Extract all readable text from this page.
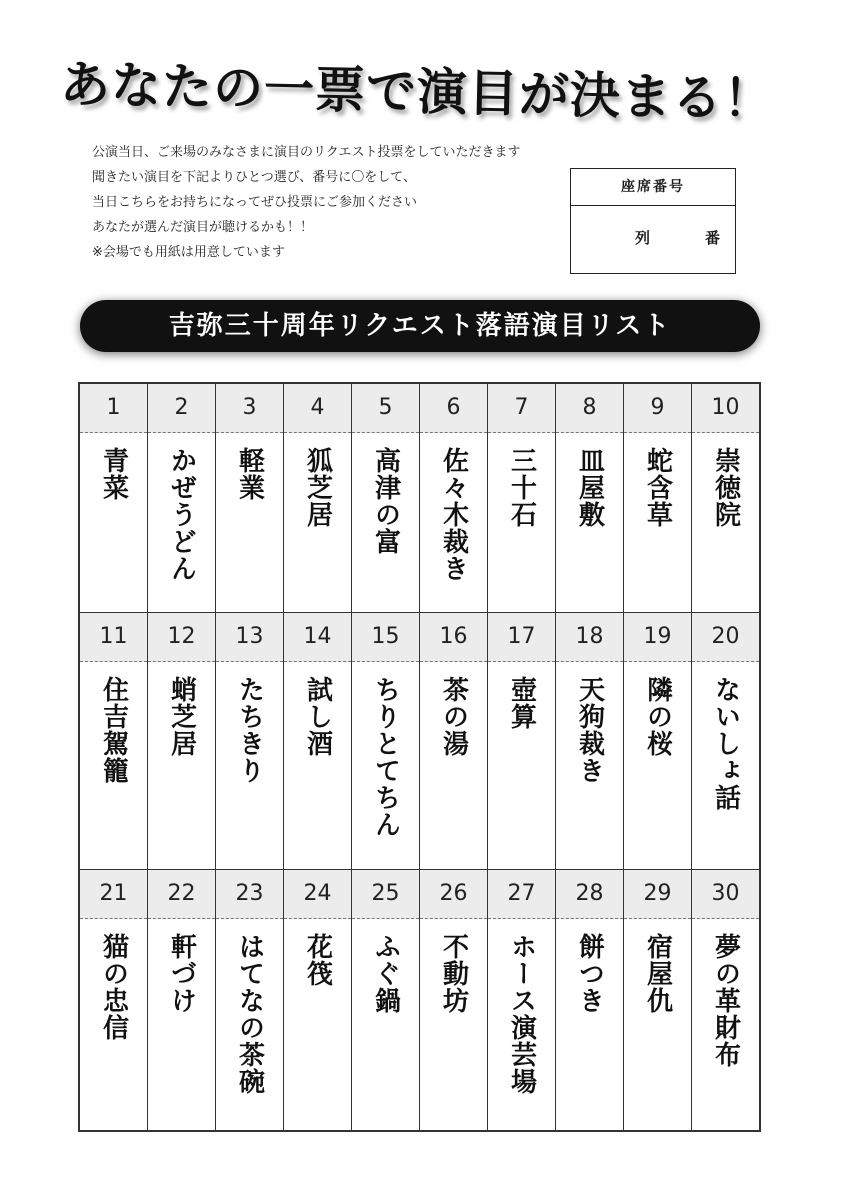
あなたの一票で演目が決まる！
公演当日、ご来場のみなさまに演目のリクエスト投票をしていただきます
聞きたい演目を下記よりひとつ選び、番号に〇をして、
当日こちらをお持ちになってぜひ投票にご参加ください
あなたが選んだ演目が聴けるかも！！
※会場でも用紙は用意しています
座席番号
列	番
吉弥三十周年リクエスト落語演目リスト
1
青菜
2
かぜうどん
3
軽業
4
狐芝居
5
高津の富
6
佐々木裁き
7
三十石
8
皿屋敷
9
蛇含草
10
崇徳院
11
住吉駕籠
12
蛸芝居
13
たちきり
14
試し酒
15
ちりとてちん
16
茶の湯
17
壺算
18
天狗裁き
19
隣の桜
20
ないしょ話
21
猫の忠信
22
軒づけ
23
はてなの茶碗
24
花筏
25
ふぐ鍋
26
不動坊
27
ホース演芸場
28
餅つき
29
宿屋仇
30
夢の革財布
